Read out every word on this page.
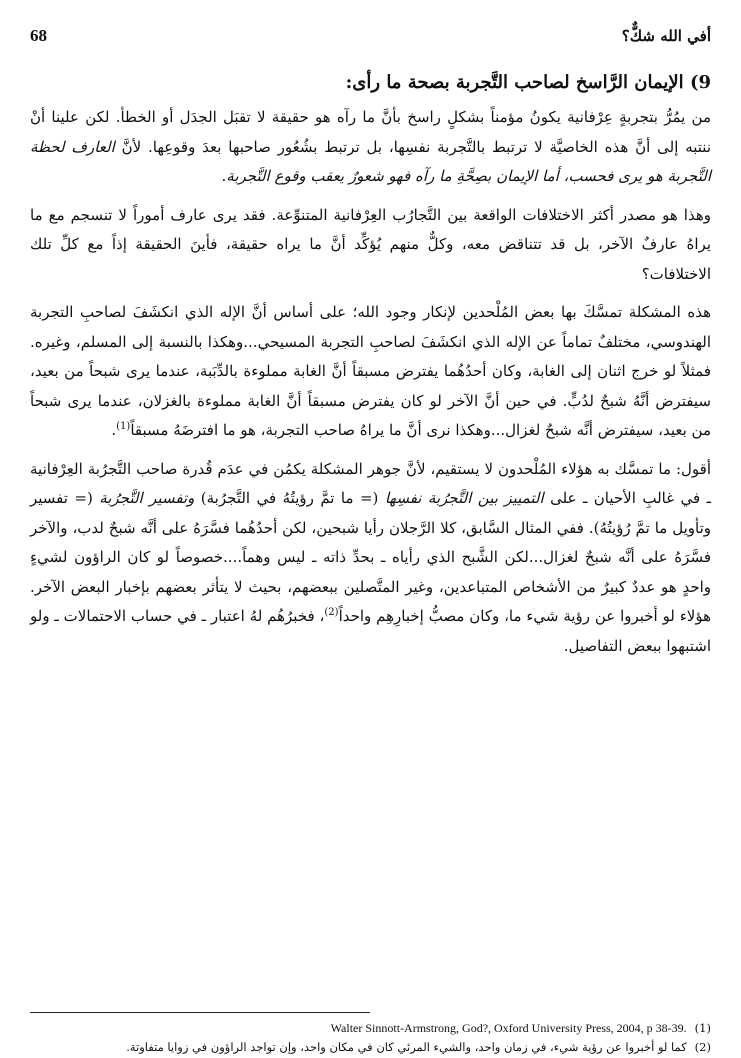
68	أفي الله شكٌّ؟
9) الإيمان الرَّاسخ لصاحب التَّجربة بصحة ما رأى:

من يمُرُّ بتجربةٍ عِرْفانية يكونُ مؤمناً بشكلٍ راسخ بأنَّ ما رآه هو حقيقة لا تقبَل الجدَل أو الخطأ. لكن علينا أنْ ننتبه إلى أنَّ هذه الخاصيَّة لا ترتبط بالتَّجربة نفسِها، بل ترتبط بشُعُور صاحبها بعدَ وقوعِها. لأنَّ العارف لحظة التَّجربة هو يرى فحسب، أما الإيمان بصِحَّةِ ما رآه فهو شعورٌ يعقب وقوع التَّجربة.

وهذا هو مصدر أكثر الاختلافات الواقعة بين التَّجارُب العِرْفانية المتنوِّعة. فقد يرى عارف أموراً لا تنسجم مع ما يراهُ عارفٌ الآخر، بل قد تتناقض معه، وكلٌّ منهم يُؤكِّد أنَّ ما يراه حقيقة، فأينَ الحقيقة إذاً مع كلِّ تلك الاختلافات؟

هذه المشكلة تمسَّكَ بها بعض المُلْحدين لإنكار وجود الله؛ على أساس أنَّ الإله الذي انكشَفَ لصاحبِ التجربة الهندوسي، مختلفٌ تماماً عن الإله الذي انكشَفَ لصاحبِ التجربة المسيحي...وهكذا بالنسبة إلى المسلم، وغيره. فمثلاً لو خرج اثنان إلى الغابة، وكان أحدُهُما يفترض مسبقاً أنَّ الغابة مملوءة بالدِّبَبة، عندما يرى شبحاً من بعيد، سيفترض أنَّهُ شبحٌ لدُبٍّ. في حين أنَّ الآخر لو كان يفترض مسبقاً أنَّ الغابة مملوءة بالغزلان، عندما يرى شبحاً من بعيد، سيفترض أنَّه شبحٌ لغزال...وهكذا نرى أنَّ ما يراهُ صاحب التجربة، هو ما افترضَهُ مسبقاً$^{(1)}$.

أقول: ما تمسَّك به هؤلاء المُلْحدون لا يستقيم، لأنَّ جوهر المشكلة يكمُن في عدَم قُدرة صاحب التَّجرُبة العِرْفانية ـ في غالبِ الأحيان ـ على التمييز بين التَّجرُبة نفسِها (= ما تمَّ رؤيتُهُ في التَّجرُبة) وتفسير التَّجرُبة (= تفسير وتأويل ما تمَّ رُؤيتُهُ). ففي المثال السَّابق، كلا الرَّجلان رأيا شبحين، لكن أحدُهُما فسَّرَهُ على أنَّه شبحٌ لدب، والآخر فسَّرَهُ على أنَّه شبحٌ لغزال...لكن الشَّبح الذي رأياه ـ بحدِّ ذاته ـ ليس وهماً....خصوصاً لو كان الراؤون لشيءٍ واحدٍ هو عددٌ كبيرٌ من الأشخاص المتباعدين، وغير المتَّصلين ببعضهم، بحيث لا يتأثر بعضهم بإخبار البعض الآخر. هؤلاء لو أخبروا عن رؤية شيء ما، وكان مصبُّ إخبارِهِم واحداً$^{(2)}$، فخبرُهُم لهُ اعتبار ـ في حساب الاحتمالات ـ ولو اشتبهوا ببعض التفاصيل.

(1)
Walter Sinnott-Armstrong, God?, Oxford University Press, 2004, p 38-39.
(2)
كما لو أخبروا عن رؤية شيء، في زمان واحد، والشيء المرئي كان في مكان واحد، وإن تواجد الراؤون في زوايا متفاوتة.
